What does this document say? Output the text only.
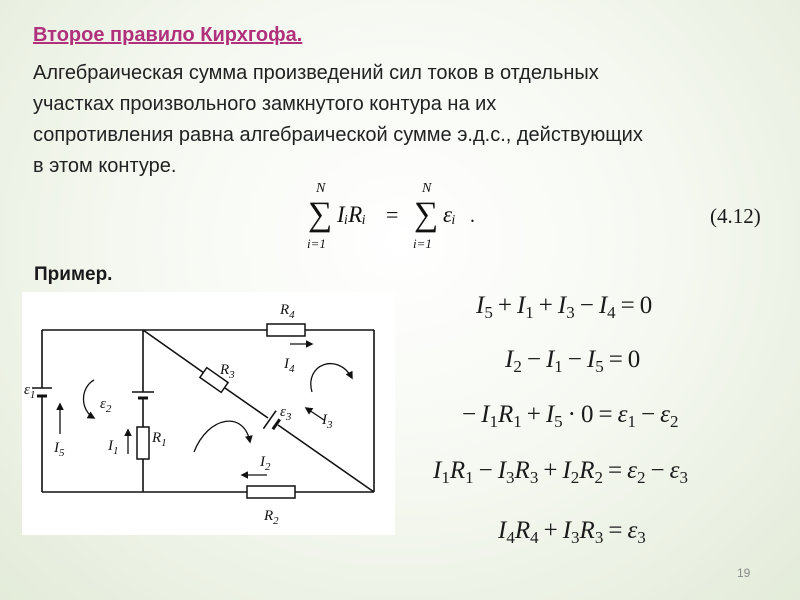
Второе правило Кирхгофа.
Алгебраическая сумма произведений сил токов в отдельных
участках произвольного замкнутого контура на их
сопротивления равна алгебраической сумме э.д.с., действующих
в этом контуре.
N
∑
i=1
IᵢRᵢ =
N
∑
i=1
εᵢ .	(4.12)
Пример.
$R_4$
$I_4$
$R_3$
$\varepsilon_3$ $I_3$
$I_2$
$R_2$
$\varepsilon_1$
$\varepsilon_2$
$I_5$	$I_1$
$R_1$
$I_5 + I_1 + I_3 - I_4 = 0$
$I_2 - I_1 - I_5 = 0$
− $I_1R_1 + I_5 \cdot 0 = \varepsilon_1 - \varepsilon_2$
$I_1R_1 - I_3R_3 + I_2R_2 = \varepsilon_2 - \varepsilon_3$
$I_4R_4 + I_3R_3 = \varepsilon_3$
19
